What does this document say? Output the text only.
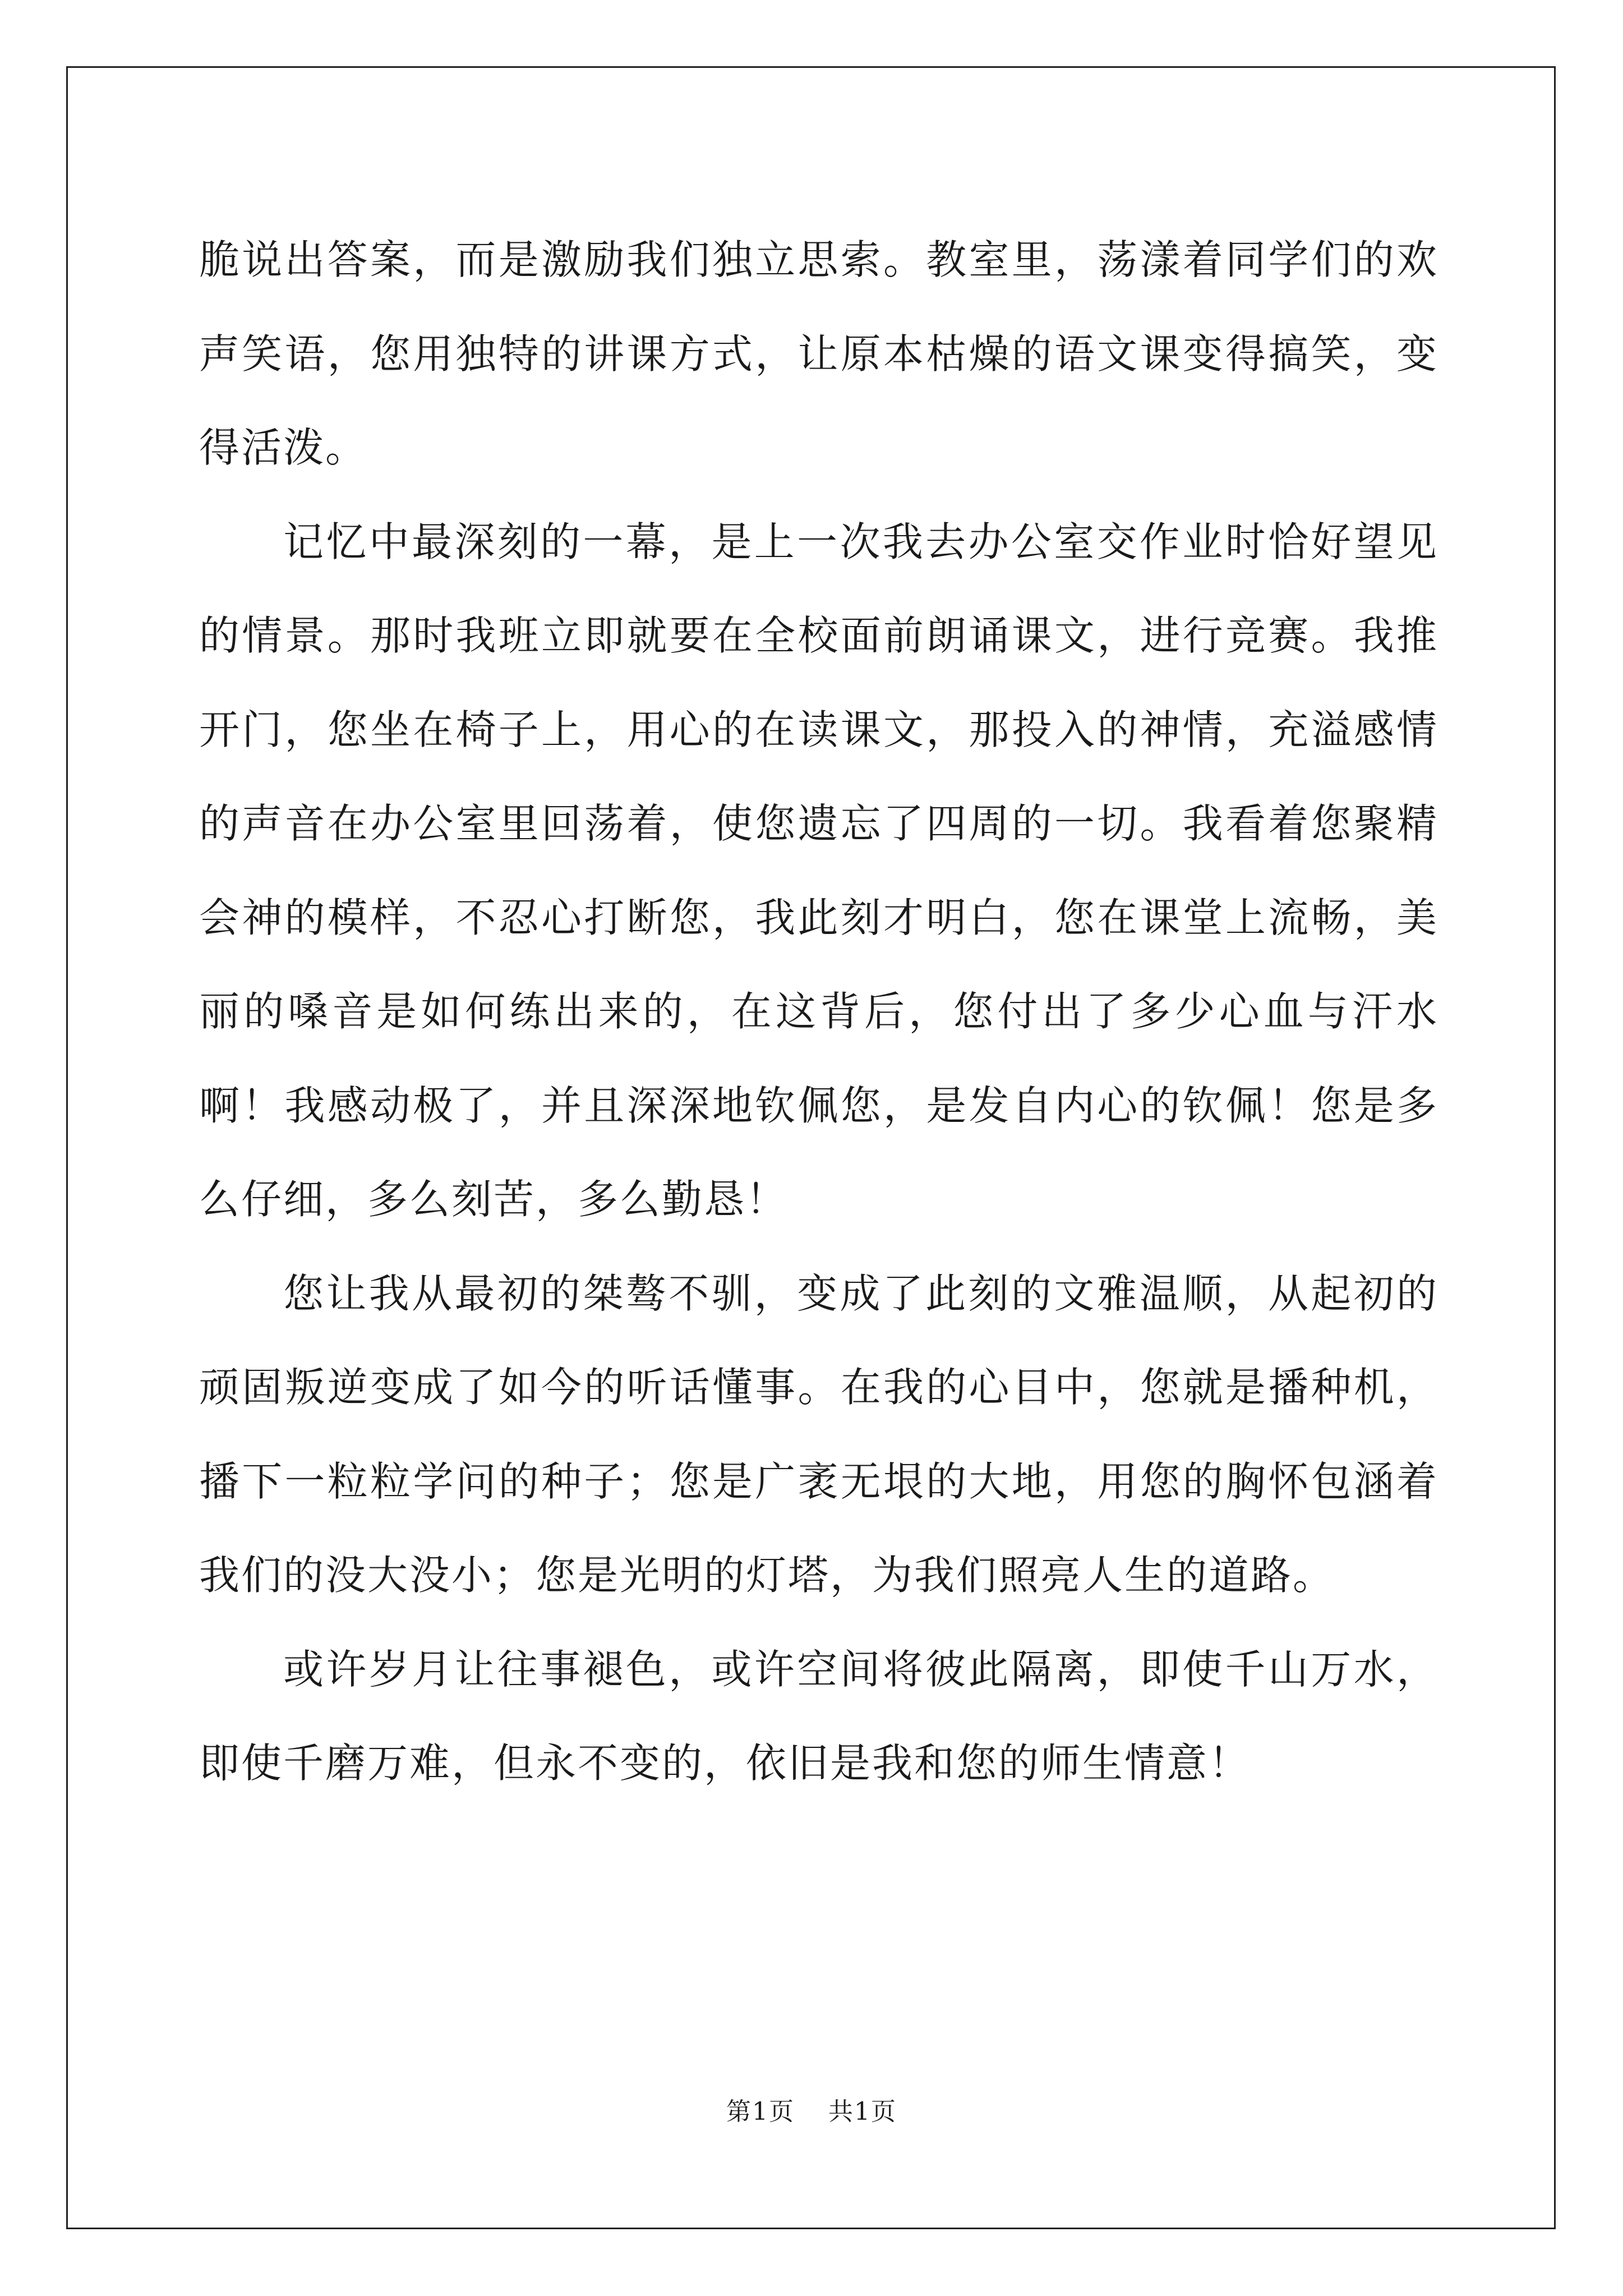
脆说出答案，而是激励我们独立思索。教室里，荡漾着同学们的欢声笑语，您用独特的讲课方式，让原本枯燥的语文课变得搞笑，变得活泼。

记忆中最深刻的一幕，是上一次我去办公室交作业时恰好望见的情景。那时我班立即就要在全校面前朗诵课文，进行竞赛。我推开门，您坐在椅子上，用心的在读课文，那投入的神情，充溢感情的声音在办公室里回荡着，使您遗忘了四周的一切。我看着您聚精会神的模样，不忍心打断您，我此刻才明白，您在课堂上流畅，美丽的嗓音是如何练出来的，在这背后，您付出了多少心血与汗水啊！我感动极了，并且深深地钦佩您，是发自内心的钦佩！您是多么仔细，多么刻苦，多么勤恳！

您让我从最初的桀骜不驯，变成了此刻的文雅温顺，从起初的顽固叛逆变成了如今的听话懂事。在我的心目中，您就是播种机，播下一粒粒学问的种子；您是广袤无垠的大地，用您的胸怀包涵着我们的没大没小；您是光明的灯塔，为我们照亮人生的道路。

或许岁月让往事褪色，或许空间将彼此隔离，即使千山万水，即使千磨万难，但永不变的，依旧是我和您的师生情意！

第1页 共1页
